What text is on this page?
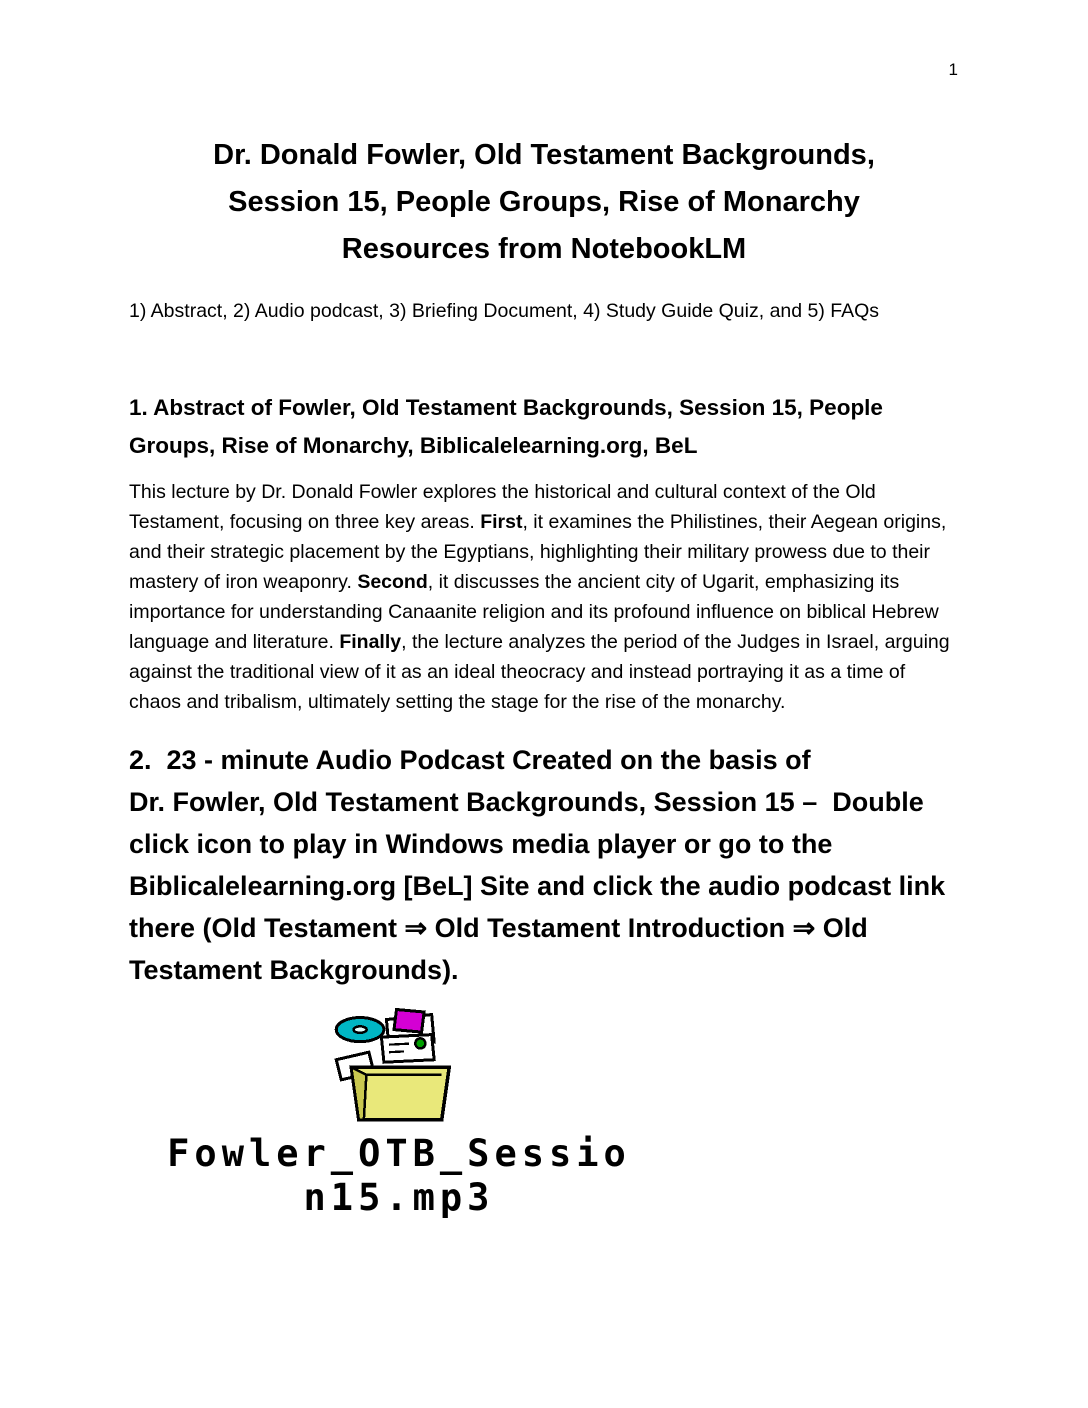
1
Dr. Donald Fowler, Old Testament Backgrounds,
Session 15, People Groups, Rise of Monarchy
Resources from NotebookLM

1) Abstract, 2) Audio podcast, 3) Briefing Document, 4) Study Guide Quiz, and 5) FAQs

1. Abstract of Fowler, Old Testament Backgrounds, Session 15, People Groups, Rise of Monarchy, Biblicalelearning.org, BeL

This lecture by Dr. Donald Fowler explores the historical and cultural context of the Old Testament, focusing on three key areas. First, it examines the Philistines, their Aegean origins, and their strategic placement by the Egyptians, highlighting their military prowess due to their mastery of iron weaponry. Second, it discusses the ancient city of Ugarit, emphasizing its importance for understanding Canaanite religion and its profound influence on biblical Hebrew language and literature. Finally, the lecture analyzes the period of the Judges in Israel, arguing against the traditional view of it as an ideal theocracy and instead portraying it as a time of chaos and tribalism, ultimately setting the stage for the rise of the monarchy.

2.  23 - minute Audio Podcast Created on the basis of
Dr. Fowler, Old Testament Backgrounds, Session 15 –  Double click icon to play in Windows media player or go to the Biblicalelearning.org [BeL] Site and click the audio podcast link there (Old Testament ⇒ Old Testament Introduction ⇒ Old Testament Backgrounds).
Fowler_OTB_Sessio
n15.mp3
